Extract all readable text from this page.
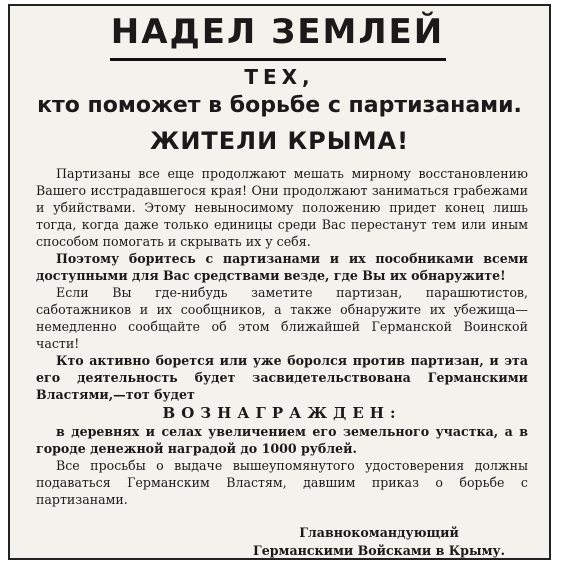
НАДЕЛ ЗЕМЛЕЙ
ТЕХ,
кто поможет в борьбе с партизанами.
ЖИТЕЛИ КРЫМА!

Партизаны все еще продолжают мешать мирному восстановлению Вашего исстрадавшегося края! Они продолжают заниматься грабежами и убийствами. Этому невыносимому положению придет конец лишь тогда, когда даже только единицы среди Вас перестанут тем или иным способом помогать и скрывать их у себя.

Поэтому боритесь с партизанами и их пособниками всеми доступными для Вас средствами везде, где Вы их обнаружите!

Если Вы где-нибудь заметите партизан, парашютистов, саботажников и их сообщников, а также обнаружите их убежища—немедленно сообщайте об этом ближайшей Германской Воинской части!

Кто активно борется или уже боролся против партизан, и эта его деятельность будет засвидетельствована Германскими Властями,—тот будет

ВОЗНАГРАЖДЕН:

в деревнях и селах увеличением его земельного участка, а в городе денежной наградой до 1000 рублей.

Все просьбы о выдаче вышеупомянутого удостоверения должны подаваться Германским Властям, давшим приказ о борьбе с партизанами.

Главнокомандующий
Германскими Войсками в Крыму.
